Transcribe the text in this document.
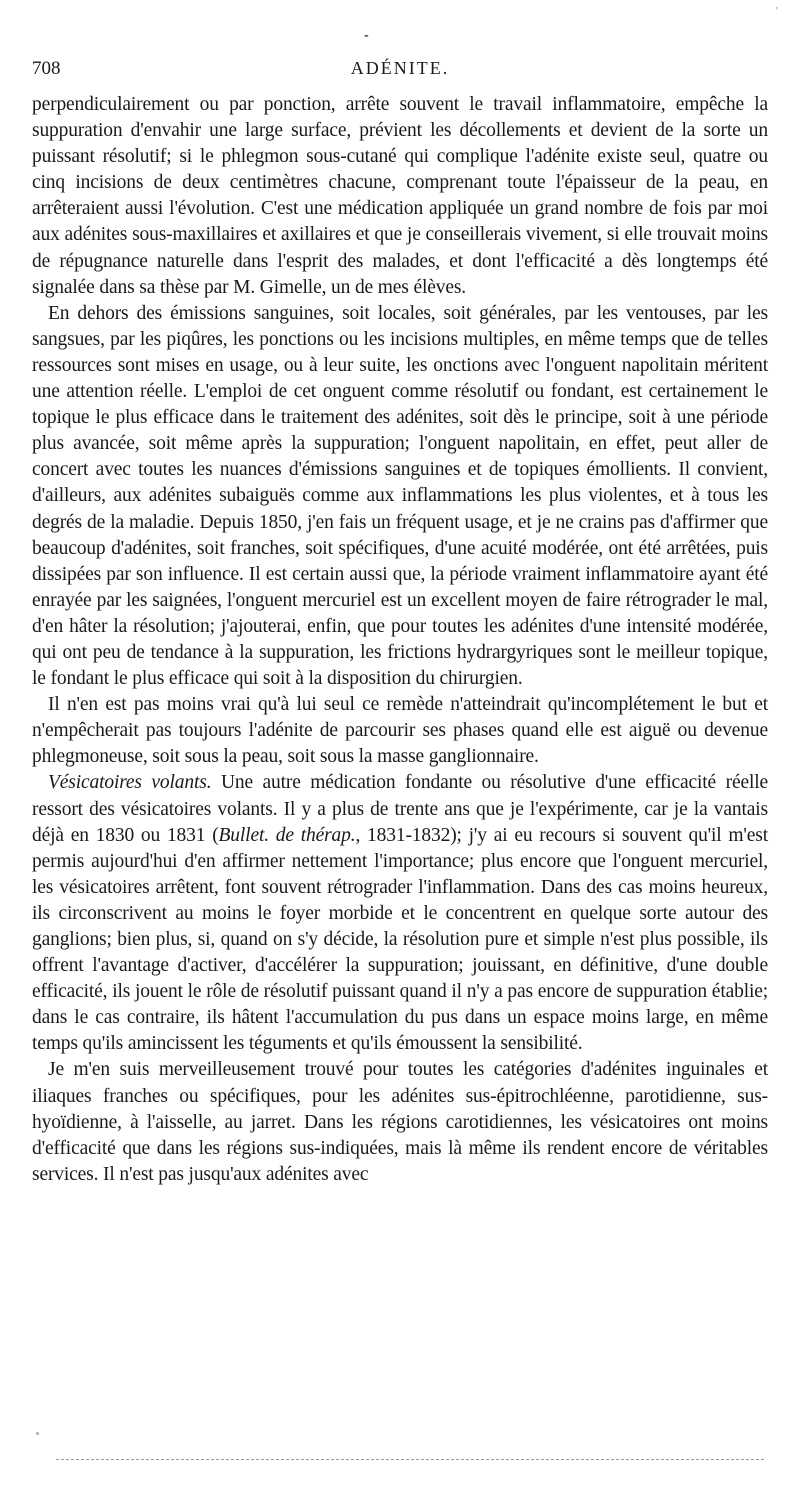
'
-
708	ADÉNITE.

perpendiculairement ou par ponction, arrête souvent le travail inflammatoire, empêche la suppuration d'envahir une large surface, prévient les décollements et devient de la sorte un puissant résolutif; si le phlegmon sous-cutané qui complique l'adénite existe seul, quatre ou cinq incisions de deux centimètres chacune, comprenant toute l'épaisseur de la peau, en arrêteraient aussi l'évolution. C'est une médication appliquée un grand nombre de fois par moi aux adénites sous-maxillaires et axillaires et que je conseillerais vivement, si elle trouvait moins de répugnance naturelle dans l'esprit des malades, et dont l'efficacité a dès longtemps été signalée dans sa thèse par M. Gimelle, un de mes élèves.

En dehors des émissions sanguines, soit locales, soit générales, par les ventouses, par les sangsues, par les piqûres, les ponctions ou les incisions multiples, en même temps que de telles ressources sont mises en usage, ou à leur suite, les onctions avec l'onguent napolitain méritent une attention réelle. L'emploi de cet onguent comme résolutif ou fondant, est certainement le topique le plus efficace dans le traitement des adénites, soit dès le principe, soit à une période plus avancée, soit même après la suppuration; l'onguent napolitain, en effet, peut aller de concert avec toutes les nuances d'émissions sanguines et de topiques émollients. Il convient, d'ailleurs, aux adénites subaiguës comme aux inflammations les plus violentes, et à tous les degrés de la maladie. Depuis 1850, j'en fais un fréquent usage, et je ne crains pas d'affirmer que beaucoup d'adénites, soit franches, soit spécifiques, d'une acuité modérée, ont été arrêtées, puis dissipées par son influence. Il est certain aussi que, la période vraiment inflammatoire ayant été enrayée par les saignées, l'onguent mercuriel est un excellent moyen de faire rétrograder le mal, d'en hâter la résolution; j'ajouterai, enfin, que pour toutes les adénites d'une intensité modérée, qui ont peu de tendance à la suppuration, les frictions hydrargyriques sont le meilleur topique, le fondant le plus efficace qui soit à la disposition du chirurgien.

Il n'en est pas moins vrai qu'à lui seul ce remède n'atteindrait qu'incomplétement le but et n'empêcherait pas toujours l'adénite de parcourir ses phases quand elle est aiguë ou devenue phlegmoneuse, soit sous la peau, soit sous la masse ganglionnaire.

Vésicatoires volants. Une autre médication fondante ou résolutive d'une efficacité réelle ressort des vésicatoires volants. Il y a plus de trente ans que je l'expérimente, car je la vantais déjà en 1830 ou 1831 (Bullet. de thérap., 1831-1832); j'y ai eu recours si souvent qu'il m'est permis aujourd'hui d'en affirmer nettement l'importance; plus encore que l'onguent mercuriel, les vésicatoires arrêtent, font souvent rétrograder l'inflammation. Dans des cas moins heureux, ils circonscrivent au moins le foyer morbide et le concentrent en quelque sorte autour des ganglions; bien plus, si, quand on s'y décide, la résolution pure et simple n'est plus possible, ils offrent l'avantage d'activer, d'accélérer la suppuration; jouissant, en définitive, d'une double efficacité, ils jouent le rôle de résolutif puissant quand il n'y a pas encore de suppuration établie; dans le cas contraire, ils hâtent l'accumulation du pus dans un espace moins large, en même temps qu'ils amincissent les téguments et qu'ils émoussent la sensibilité.

Je m'en suis merveilleusement trouvé pour toutes les catégories d'adénites inguinales et iliaques franches ou spécifiques, pour les adénites sus-épitrochléenne, parotidienne, sus-hyoïdienne, à l'aisselle, au jarret. Dans les régions carotidiennes, les vésicatoires ont moins d'efficacité que dans les régions sus-indiquées, mais là même ils rendent encore de véritables services. Il n'est pas jusqu'aux adénites avec
